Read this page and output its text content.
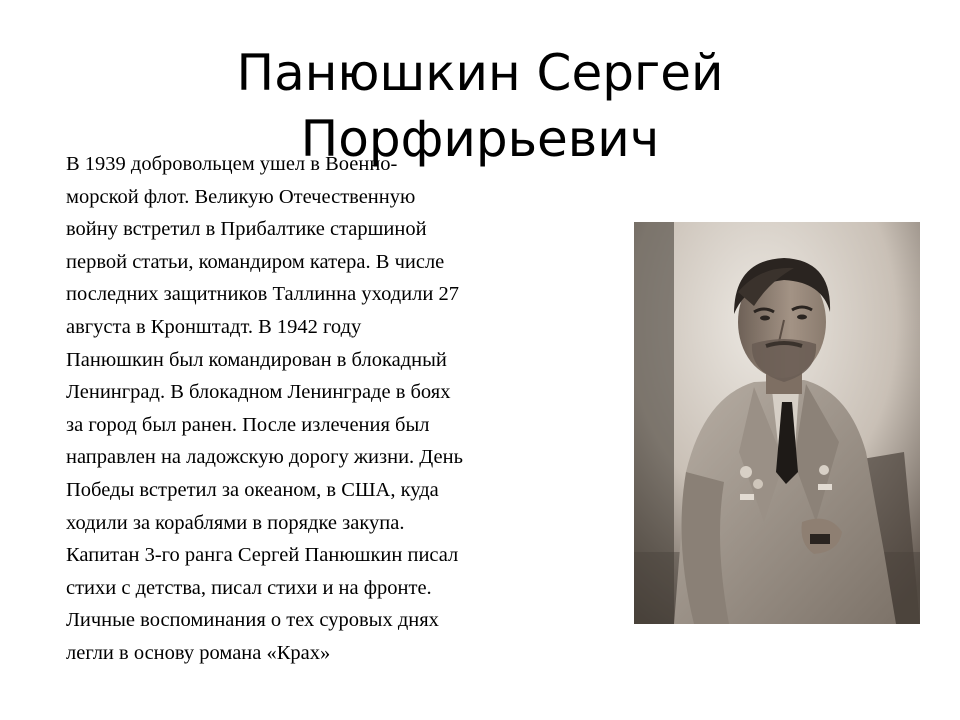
Панюшкин Сергей Порфирьевич
В 1939 добровольцем ушел в Военно-
морской флот. Великую Отечественную
войну встретил в Прибалтике старшиной
первой статьи, командиром катера. В числе
последних защитников Таллинна уходили 27
августа в Кронштадт. В 1942 году
Панюшкин был командирован в блокадный
Ленинград. В блокадном Ленинграде в боях
за город был ранен. После излечения был
направлен на ладожскую дорогу жизни. День
Победы встретил за океаном, в США, куда
ходили за кораблями в порядке закупа.
Капитан 3-го ранга Сергей Панюшкин писал
стихи с детства, писал стихи и на фронте.
Личные воспоминания о тех суровых днях
легли в основу романа «Крах»
